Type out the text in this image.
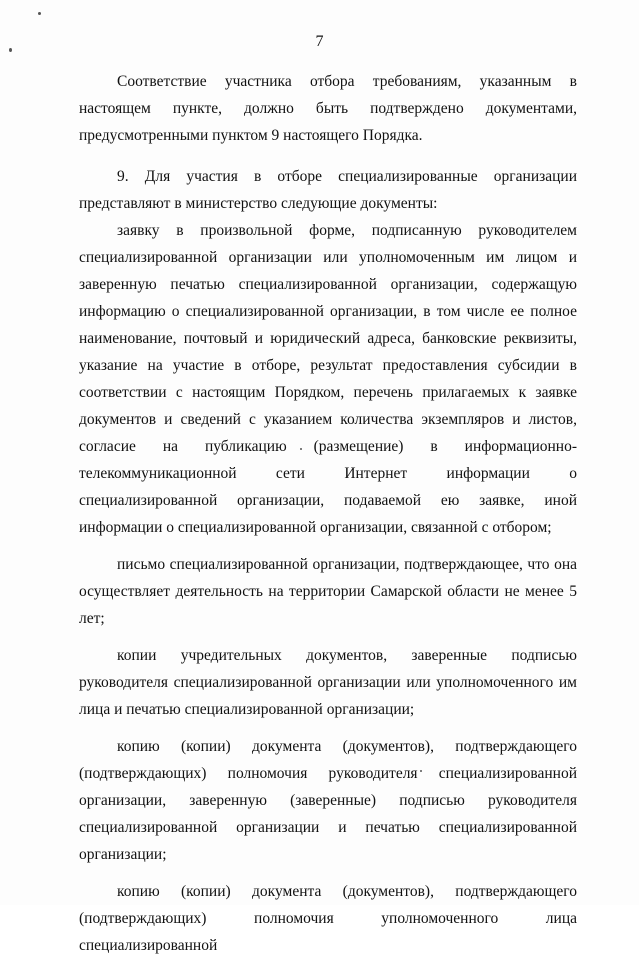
7

Соответствие участника отбора требованиям, указанным в настоящем пункте, должно быть подтверждено документами, предусмотренными пунктом 9 настоящего Порядка.

9. Для участия в отборе специализированные организации представляют в министерство следующие документы:

заявку в произвольной форме, подписанную руководителем специализированной организации или уполномоченным им лицом и заверенную печатью специализированной организации, содержащую информацию о специализированной организации, в том числе ее полное наименование, почтовый и юридический адреса, банковские реквизиты, указание на участие в отборе, результат предоставления субсидии в соответствии с настоящим Порядком, перечень прилагаемых к заявке документов и сведений с указанием количества экземпляров и листов, согласие на публикацию (размещение) в информационно-телекоммуникационной сети Интернет информации о специализированной организации, подаваемой ею заявке, иной информации о специализированной организации, связанной с отбором;

письмо специализированной организации, подтверждающее, что она осуществляет деятельность на территории Самарской области не менее 5 лет;

копии учредительных документов, заверенные подписью руководителя специализированной организации или уполномоченного им лица и печатью специализированной организации;

копию (копии) документа (документов), подтверждающего (подтверждающих) полномочия руководителя специализированной организации, заверенную (заверенные) подписью руководителя специализированной организации и печатью специализированной организации;

копию (копии) документа (документов), подтверждающего (подтверждающих) полномочия уполномоченного лица специализированной
